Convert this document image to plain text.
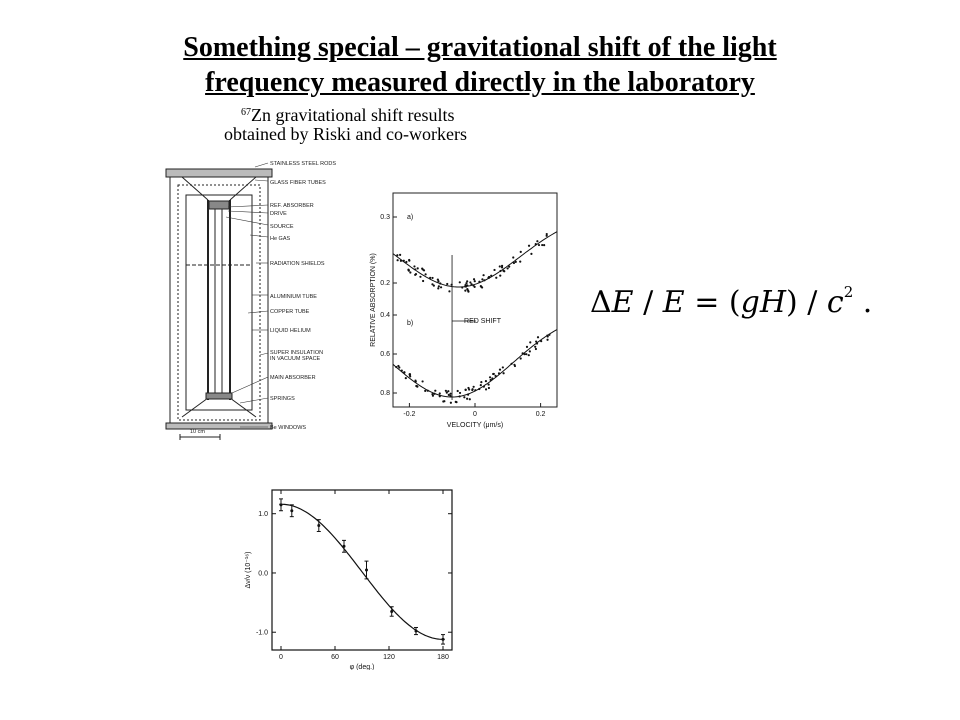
Something special – gravitational shift of the light
frequency measured directly in the laboratory
$^{67}$Zn gravitational shift results
obtained by Riski and co-workers
$\Delta E / E = (gH) / c^2$ .
10 cm
STAINLESS STEEL RODS
GLASS FIBER TUBES
REF. ABSORBER
DRIVE
SOURCE
He GAS
RADIATION SHIELDS
ALUMINIUM TUBE
COPPER TUBE
LIQUID HELIUM
SUPER INSULATION
IN VACUUM SPACE
MAIN ABSORBER
SPRINGS
Be WINDOWS
-0.2	0	0.2
VELOCITY (μm/s)
RELATIVE ABSORPTION (%)
a)
0.3
0.2
b)
0.4
0.6
0.8
RED SHIFT
0	60	120	180
1.0
0.0
-1.0
φ (deg.)
Δν/ν (10⁻¹⁶)
